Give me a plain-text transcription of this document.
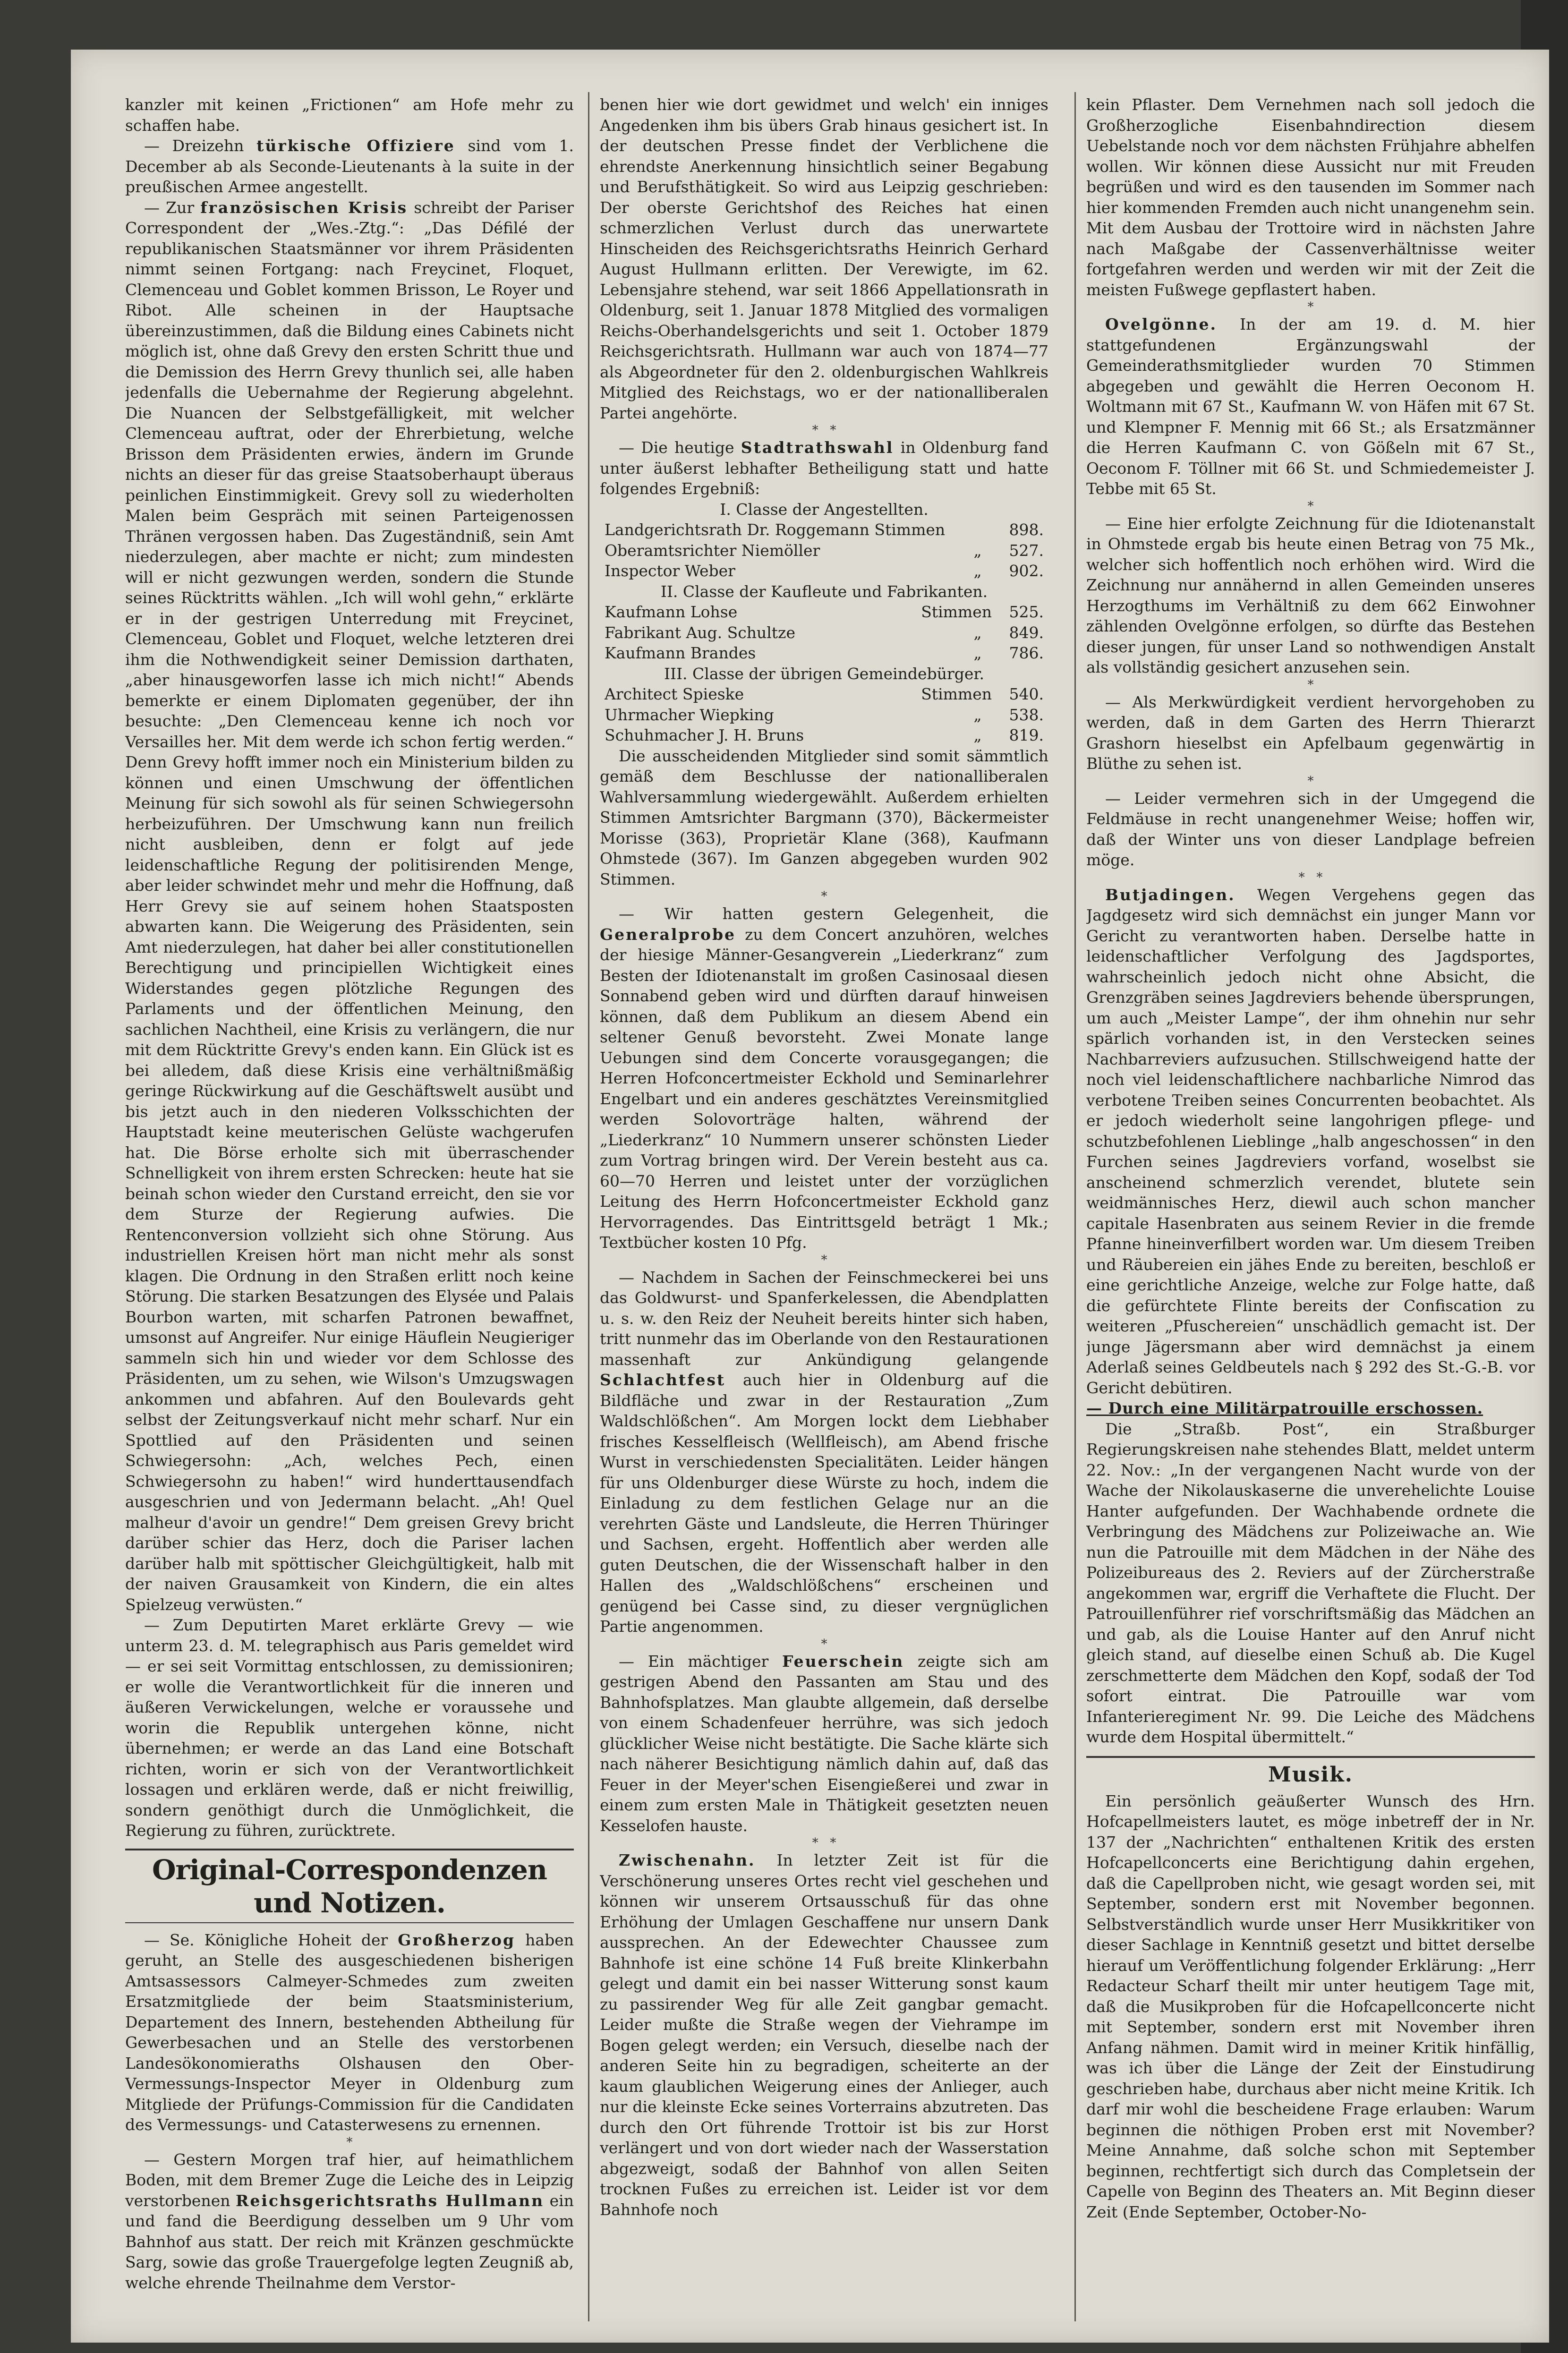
kanzler mit keinen „Frictionen“ am Hofe mehr zu schaffen habe.

— Dreizehn türkische Offiziere sind vom 1. December ab als Seconde-Lieutenants à la suite in der preußischen Armee angestellt.

— Zur französischen Krisis schreibt der Pariser Correspondent der „Wes.-Ztg.“: „Das Défilé der republikanischen Staatsmänner vor ihrem Präsidenten nimmt seinen Fortgang: nach Freycinet, Floquet, Clemenceau und Goblet kommen Brisson, Le Royer und Ribot. Alle scheinen in der Hauptsache übereinzustimmen, daß die Bildung eines Cabinets nicht möglich ist, ohne daß Grevy den ersten Schritt thue und die Demission des Herrn Grevy thunlich sei, alle haben jedenfalls die Uebernahme der Regierung abgelehnt. Die Nuancen der Selbstgefälligkeit, mit welcher Clemenceau auftrat, oder der Ehrerbietung, welche Brisson dem Präsidenten erwies, ändern im Grunde nichts an dieser für das greise Staatsoberhaupt überaus peinlichen Einstimmigkeit. Grevy soll zu wiederholten Malen beim Gespräch mit seinen Parteigenossen Thränen vergossen haben. Das Zugeständniß, sein Amt niederzulegen, aber machte er nicht; zum mindesten will er nicht gezwungen werden, sondern die Stunde seines Rücktritts wählen. „Ich will wohl gehn,“ erklärte er in der gestrigen Unterredung mit Freycinet, Clemenceau, Goblet und Floquet, welche letzteren drei ihm die Nothwendigkeit seiner Demission darthaten, „aber hinausgeworfen lasse ich mich nicht!“ Abends bemerkte er einem Diplomaten gegenüber, der ihn besuchte: „Den Clemenceau kenne ich noch vor Versailles her. Mit dem werde ich schon fertig werden.“ Denn Grevy hofft immer noch ein Ministerium bilden zu können und einen Umschwung der öffentlichen Meinung für sich sowohl als für seinen Schwiegersohn herbeizuführen. Der Umschwung kann nun freilich nicht ausbleiben, denn er folgt auf jede leidenschaftliche Regung der politisirenden Menge, aber leider schwindet mehr und mehr die Hoffnung, daß Herr Grevy sie auf seinem hohen Staatsposten abwarten kann. Die Weigerung des Präsidenten, sein Amt niederzulegen, hat daher bei aller constitutionellen Berechtigung und principiellen Wichtigkeit eines Widerstandes gegen plötzliche Regungen des Parlaments und der öffentlichen Meinung, den sachlichen Nachtheil, eine Krisis zu verlängern, die nur mit dem Rücktritte Grevy's enden kann. Ein Glück ist es bei alledem, daß diese Krisis eine verhältnißmäßig geringe Rückwirkung auf die Geschäftswelt ausübt und bis jetzt auch in den niederen Volksschichten der Hauptstadt keine meuterischen Gelüste wachgerufen hat. Die Börse erholte sich mit überraschender Schnelligkeit von ihrem ersten Schrecken: heute hat sie beinah schon wieder den Curstand erreicht, den sie vor dem Sturze der Regierung aufwies. Die Rentenconversion vollzieht sich ohne Störung. Aus industriellen Kreisen hört man nicht mehr als sonst klagen. Die Ordnung in den Straßen erlitt noch keine Störung. Die starken Besatzungen des Elysée und Palais Bourbon warten, mit scharfen Patronen bewaffnet, umsonst auf Angreifer. Nur einige Häuflein Neugieriger sammeln sich hin und wieder vor dem Schlosse des Präsidenten, um zu sehen, wie Wilson's Umzugswagen ankommen und abfahren. Auf den Boulevards geht selbst der Zeitungsverkauf nicht mehr scharf. Nur ein Spottlied auf den Präsidenten und seinen Schwiegersohn: „Ach, welches Pech, einen Schwiegersohn zu haben!“ wird hunderttausendfach ausgeschrien und von Jedermann belacht. „Ah! Quel malheur d'avoir un gendre!“ Dem greisen Grevy bricht darüber schier das Herz, doch die Pariser lachen darüber halb mit spöttischer Gleichgültigkeit, halb mit der naiven Grausamkeit von Kindern, die ein altes Spielzeug verwüsten.“

— Zum Deputirten Maret erklärte Grevy — wie unterm 23. d. M. telegraphisch aus Paris gemeldet wird — er sei seit Vormittag entschlossen, zu demissioniren; er wolle die Verantwortlichkeit für die inneren und äußeren Verwickelungen, welche er voraussehe und worin die Republik untergehen könne, nicht übernehmen; er werde an das Land eine Botschaft richten, worin er sich von der Verantwortlichkeit lossagen und erklären werde, daß er nicht freiwillig, sondern genöthigt durch die Unmöglichkeit, die Regierung zu führen, zurücktrete.

Original-Correspondenzen und Notizen.

— Se. Königliche Hoheit der Großherzog haben geruht, an Stelle des ausgeschiedenen bisherigen Amtsassessors Calmeyer-Schmedes zum zweiten Ersatzmitgliede der beim Staatsministerium, Departement des Innern, bestehenden Abtheilung für Gewerbesachen und an Stelle des verstorbenen Landesökonomieraths Olshausen den Ober-Vermessungs-Inspector Meyer in Oldenburg zum Mitgliede der Prüfungs-Commission für die Candidaten des Vermessungs- und Catasterwesens zu ernennen.

*

— Gestern Morgen traf hier, auf heimathlichem Boden, mit dem Bremer Zuge die Leiche des in Leipzig verstorbenen Reichsgerichtsraths Hullmann ein und fand die Beerdigung desselben um 9 Uhr vom Bahnhof aus statt. Der reich mit Kränzen geschmückte Sarg, sowie das große Trauergefolge legten Zeugniß ab, welche ehrende Theilnahme dem Verstor-

benen hier wie dort gewidmet und welch' ein inniges Angedenken ihm bis übers Grab hinaus gesichert ist. In der deutschen Presse findet der Verblichene die ehrendste Anerkennung hinsichtlich seiner Begabung und Berufsthätigkeit. So wird aus Leipzig geschrieben: Der oberste Gerichtshof des Reiches hat einen schmerzlichen Verlust durch das unerwartete Hinscheiden des Reichsgerichtsraths Heinrich Gerhard August Hullmann erlitten. Der Verewigte, im 62. Lebensjahre stehend, war seit 1866 Appellationsrath in Oldenburg, seit 1. Januar 1878 Mitglied des vormaligen Reichs-Oberhandelsgerichts und seit 1. October 1879 Reichsgerichtsrath. Hullmann war auch von 1874—77 als Abgeordneter für den 2. oldenburgischen Wahlkreis Mitglied des Reichstags, wo er der nationalliberalen Partei angehörte.

*   *

— Die heutige Stadtrathswahl in Oldenburg fand unter äußerst lebhafter Betheiligung statt und hatte folgendes Ergebniß:

I. Classe der Angestellten.

Landgerichtsrath Dr. Roggemann Stimmen	898.
Oberamtsrichter Niemöller	„	527.
Inspector Weber	„	902.

II. Classe der Kaufleute und Fabrikanten.

Kaufmann Lohse	Stimmen	525.
Fabrikant Aug. Schultze	„	849.
Kaufmann Brandes	„	786.

III. Classe der übrigen Gemeindebürger.

Architect Spieske	Stimmen	540.
Uhrmacher Wiepking	„	538.
Schuhmacher J. H. Bruns	„	819.

Die ausscheidenden Mitglieder sind somit sämmtlich gemäß dem Beschlusse der nationalliberalen Wahlversammlung wiedergewählt. Außerdem erhielten Stimmen Amtsrichter Bargmann (370), Bäckermeister Morisse (363), Proprietär Klane (368), Kaufmann Ohmstede (367). Im Ganzen abgegeben wurden 902 Stimmen.

*

— Wir hatten gestern Gelegenheit, die Generalprobe zu dem Concert anzuhören, welches der hiesige Männer-Gesangverein „Liederkranz“ zum Besten der Idiotenanstalt im großen Casinosaal diesen Sonnabend geben wird und dürften darauf hinweisen können, daß dem Publikum an diesem Abend ein seltener Genuß bevorsteht. Zwei Monate lange Uebungen sind dem Concerte vorausgegangen; die Herren Hofconcertmeister Eckhold und Seminarlehrer Engelbart und ein anderes geschätztes Vereinsmitglied werden Solovorträge halten, während der „Liederkranz“ 10 Nummern unserer schönsten Lieder zum Vortrag bringen wird. Der Verein besteht aus ca. 60—70 Herren und leistet unter der vorzüglichen Leitung des Herrn Hofconcertmeister Eckhold ganz Hervorragendes. Das Eintrittsgeld beträgt 1 Mk.; Textbücher kosten 10 Pfg.

*

— Nachdem in Sachen der Feinschmeckerei bei uns das Goldwurst- und Spanferkelessen, die Abendplatten u. s. w. den Reiz der Neuheit bereits hinter sich haben, tritt nunmehr das im Oberlande von den Restaurationen massenhaft zur Ankündigung gelangende Schlachtfest auch hier in Oldenburg auf die Bildfläche und zwar in der Restauration „Zum Waldschlößchen“. Am Morgen lockt dem Liebhaber frisches Kesselfleisch (Wellfleisch), am Abend frische Wurst in verschiedensten Specialitäten. Leider hängen für uns Oldenburger diese Würste zu hoch, indem die Einladung zu dem festlichen Gelage nur an die verehrten Gäste und Landsleute, die Herren Thüringer und Sachsen, ergeht. Hoffentlich aber werden alle guten Deutschen, die der Wissenschaft halber in den Hallen des „Waldschlößchens“ erscheinen und genügend bei Casse sind, zu dieser vergnüglichen Partie angenommen.

*

— Ein mächtiger Feuerschein zeigte sich am gestrigen Abend den Passanten am Stau und des Bahnhofsplatzes. Man glaubte allgemein, daß derselbe von einem Schadenfeuer herrühre, was sich jedoch glücklicher Weise nicht bestätigte. Die Sache klärte sich nach näherer Besichtigung nämlich dahin auf, daß das Feuer in der Meyer'schen Eisengießerei und zwar in einem zum ersten Male in Thätigkeit gesetzten neuen Kesselofen hauste.

*   *

Zwischenahn. In letzter Zeit ist für die Verschönerung unseres Ortes recht viel geschehen und können wir unserem Ortsausschuß für das ohne Erhöhung der Umlagen Geschaffene nur unsern Dank aussprechen. An der Edewechter Chaussee zum Bahnhofe ist eine schöne 14 Fuß breite Klinkerbahn gelegt und damit ein bei nasser Witterung sonst kaum zu passirender Weg für alle Zeit gangbar gemacht. Leider mußte die Straße wegen der Viehrampe im Bogen gelegt werden; ein Versuch, dieselbe nach der anderen Seite hin zu begradigen, scheiterte an der kaum glaublichen Weigerung eines der Anlieger, auch nur die kleinste Ecke seines Vorterrains abzutreten. Das durch den Ort führende Trottoir ist bis zur Horst verlängert und von dort wieder nach der Wasserstation abgezweigt, sodaß der Bahnhof von allen Seiten trocknen Fußes zu erreichen ist. Leider ist vor dem Bahnhofe noch

kein Pflaster. Dem Vernehmen nach soll jedoch die Großherzogliche Eisenbahndirection diesem Uebelstande noch vor dem nächsten Frühjahre abhelfen wollen. Wir können diese Aussicht nur mit Freuden begrüßen und wird es den tausenden im Sommer nach hier kommenden Fremden auch nicht unangenehm sein. Mit dem Ausbau der Trottoire wird in nächsten Jahre nach Maßgabe der Cassenverhältnisse weiter fortgefahren werden und werden wir mit der Zeit die meisten Fußwege gepflastert haben.

*

Ovelgönne. In der am 19. d. M. hier stattgefundenen Ergänzungswahl der Gemeinderathsmitglieder wurden 70 Stimmen abgegeben und gewählt die Herren Oeconom H. Woltmann mit 67 St., Kaufmann W. von Häfen mit 67 St. und Klempner F. Mennig mit 66 St.; als Ersatzmänner die Herren Kaufmann C. von Gößeln mit 67 St., Oeconom F. Töllner mit 66 St. und Schmiedemeister J. Tebbe mit 65 St.

*

— Eine hier erfolgte Zeichnung für die Idiotenanstalt in Ohmstede ergab bis heute einen Betrag von 75 Mk., welcher sich hoffentlich noch erhöhen wird. Wird die Zeichnung nur annähernd in allen Gemeinden unseres Herzogthums im Verhältniß zu dem 662 Einwohner zählenden Ovelgönne erfolgen, so dürfte das Bestehen dieser jungen, für unser Land so nothwendigen Anstalt als vollständig gesichert anzusehen sein.

*

— Als Merkwürdigkeit verdient hervorgehoben zu werden, daß in dem Garten des Herrn Thierarzt Grashorn hieselbst ein Apfelbaum gegenwärtig in Blüthe zu sehen ist.

*

— Leider vermehren sich in der Umgegend die Feldmäuse in recht unangenehmer Weise; hoffen wir, daß der Winter uns von dieser Landplage befreien möge.

*   *

Butjadingen. Wegen Vergehens gegen das Jagdgesetz wird sich demnächst ein junger Mann vor Gericht zu verantworten haben. Derselbe hatte in leidenschaftlicher Verfolgung des Jagdsportes, wahrscheinlich jedoch nicht ohne Absicht, die Grenzgräben seines Jagdreviers behende übersprungen, um auch „Meister Lampe“, der ihm ohnehin nur sehr spärlich vorhanden ist, in den Verstecken seines Nachbarreviers aufzusuchen. Stillschweigend hatte der noch viel leidenschaftlichere nachbarliche Nimrod das verbotene Treiben seines Concurrenten beobachtet. Als er jedoch wiederholt seine langohrigen pflege- und schutzbefohlenen Lieblinge „halb angeschossen“ in den Furchen seines Jagdreviers vorfand, woselbst sie anscheinend schmerzlich verendet, blutete sein weidmännisches Herz, diewil auch schon mancher capitale Hasenbraten aus seinem Revier in die fremde Pfanne hineinverfilbert worden war. Um diesem Treiben und Räubereien ein jähes Ende zu bereiten, beschloß er eine gerichtliche Anzeige, welche zur Folge hatte, daß die gefürchtete Flinte bereits der Confiscation zu weiteren „Pfuschereien“ unschädlich gemacht ist. Der junge Jägersmann aber wird demnächst ja einem Aderlaß seines Geldbeutels nach § 292 des St.-G.-B. vor Gericht debütiren.

— Durch eine Militärpatrouille erschossen.

Die „Straßb. Post“, ein Straßburger Regierungskreisen nahe stehendes Blatt, meldet unterm 22. Nov.: „In der vergangenen Nacht wurde von der Wache der Nikolauskaserne die unverehelichte Louise Hanter aufgefunden. Der Wachhabende ordnete die Verbringung des Mädchens zur Polizeiwache an. Wie nun die Patrouille mit dem Mädchen in der Nähe des Polizeibureaus des 2. Reviers auf der Zürcherstraße angekommen war, ergriff die Verhaftete die Flucht. Der Patrouillenführer rief vorschriftsmäßig das Mädchen an und gab, als die Louise Hanter auf den Anruf nicht gleich stand, auf dieselbe einen Schuß ab. Die Kugel zerschmetterte dem Mädchen den Kopf, sodaß der Tod sofort eintrat. Die Patrouille war vom Infanterieregiment Nr. 99. Die Leiche des Mädchens wurde dem Hospital übermittelt.“

Musik.

Ein persönlich geäußerter Wunsch des Hrn. Hofcapellmeisters lautet, es möge inbetreff der in Nr. 137 der „Nachrichten“ enthaltenen Kritik des ersten Hofcapellconcerts eine Berichtigung dahin ergehen, daß die Capellproben nicht, wie gesagt worden sei, mit September, sondern erst mit November begonnen. Selbstverständlich wurde unser Herr Musikkritiker von dieser Sachlage in Kenntniß gesetzt und bittet derselbe hierauf um Veröffentlichung folgender Erklärung: „Herr Redacteur Scharf theilt mir unter heutigem Tage mit, daß die Musikproben für die Hofcapellconcerte nicht mit September, sondern erst mit November ihren Anfang nähmen. Damit wird in meiner Kritik hinfällig, was ich über die Länge der Zeit der Einstudirung geschrieben habe, durchaus aber nicht meine Kritik. Ich darf mir wohl die bescheidene Frage erlauben: Warum beginnen die nöthigen Proben erst mit November? Meine Annahme, daß solche schon mit September beginnen, rechtfertigt sich durch das Completsein der Capelle von Beginn des Theaters an. Mit Beginn dieser Zeit (Ende September, October-No-
